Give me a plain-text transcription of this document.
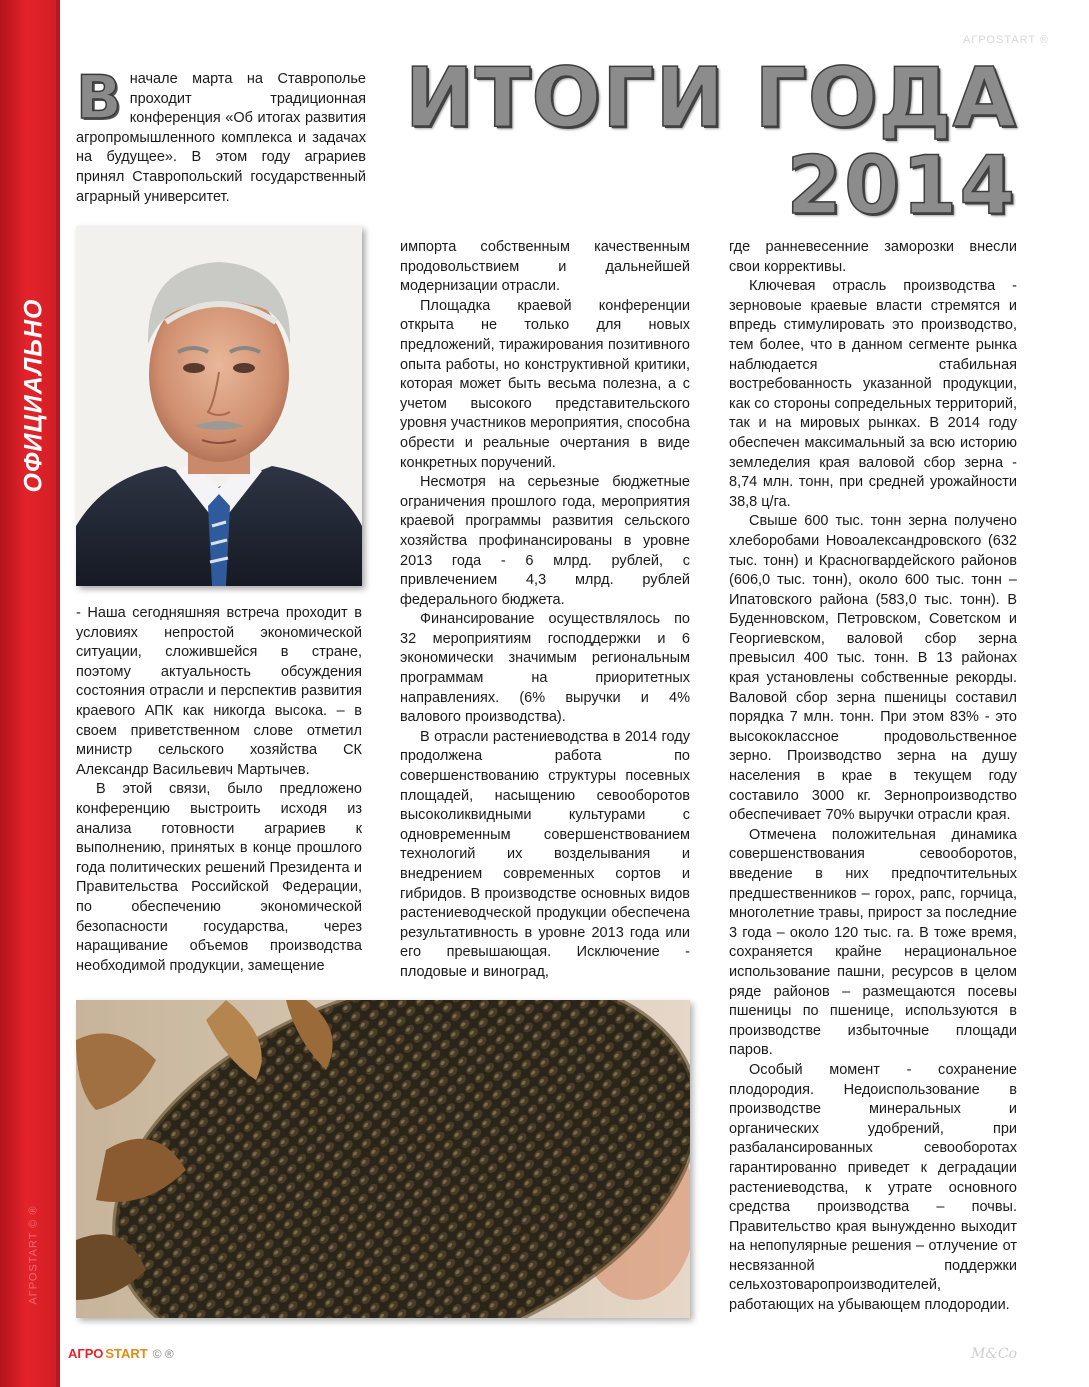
ОФИЦИАЛЬНО
АГРОSTART © ®
АГРОSTART ®
ИТОГИ ГОДА
2014
В начале марта на Ставрополье проходит традиционная конференция «Об итогах развития агропромышленного комплекса и задачах на будущее». В этом году аграриев принял Ставропольский государственный аграрный университет.

- Наша сегодняшняя встреча проходит в условиях непростой экономической ситуации, сложившейся в стране, поэтому актуальность обсуждения состояния отрасли и перспектив развития краевого АПК как никогда высока. – в своем приветственном слове отметил министр сельского хозяйства СК Александр Васильевич Мартычев.

В этой связи, было предложено конференцию выстроить исходя из анализа готовности аграриев к выполнению, принятых в конце прошлого года политических решений Президента и Правительства Российской Федерации, по обеспечению экономической безопасности государства, через наращивание объемов производства необходимой продукции, замещение

импорта собственным качественным продовольствием и дальнейшей модернизации отрасли.

Площадка краевой конференции открыта не только для новых предложений, тиражирования позитивного опыта работы, но конструктивной критики, которая может быть весьма полезна, а с учетом высокого представительского уровня участников мероприятия, способна обрести и реальные очертания в виде конкретных поручений.

Несмотря на серьезные бюджетные ограничения прошлого года, мероприятия краевой программы развития сельского хозяйства профинансированы в уровне 2013 года - 6 млрд. рублей, с привлечением 4,3 млрд. рублей федерального бюджета.

Финансирование осуществлялось по 32 мероприятиям господдержки и 6 экономически значимым региональным программам на приоритетных направлениях. (6% выручки и 4% валового производства).

В отрасли растениеводства в 2014 году продолжена работа по совершенствованию структуры посевных площадей, насыщению севооборотов высоколиквидными культурами с одновременным совершенствованием технологий их возделывания и внедрением современных сортов и гибридов. В производстве основных видов растениеводческой продукции обеспечена результативность в уровне 2013 года или его превышающая. Исключение - плодовые и виноград,

где ранневесенние заморозки внесли свои коррективы.

Ключевая отрасль производства - зерновоые краевые власти стремятся и впредь стимулировать это производство, тем более, что в данном сегменте рынка наблюдается стабильная востребованность указанной продукции, как со стороны сопредельных территорий, так и на мировых рынках. В 2014 году обеспечен максимальный за всю историю земледелия края валовой сбор зерна - 8,74 млн. тонн, при средней урожайности 38,8 ц/га.

Свыше 600 тыс. тонн зерна получено хлеборобами Новоалександровского (632 тыс. тонн) и Красногвардейского районов (606,0 тыс. тонн), около 600 тыс. тонн – Ипатовского района (583,0 тыс. тонн). В Буденновском, Петровском, Советском и Георгиевском, валовой сбор зерна превысил 400 тыс. тонн. В 13 районах края установлены собственные рекорды. Валовой сбор зерна пшеницы составил порядка 7 млн. тонн. При этом 83% - это высококлассное продовольственное зерно. Производство зерна на душу населения в крае в текущем году составило 3000 кг. Зернопроизводство обеспечивает 70% выручки отрасли края.

Отмечена положительная динамика совершенствования севооборотов, введение в них предпочтительных предшественников – горох, рапс, горчица, многолетние травы, прирост за последние 3 года – около 120 тыс. га. В тоже время, сохраняется крайне нерациональное использование пашни, ресурсов в целом ряде районов – размещаются посевы пшеницы по пшенице, используются в производстве избыточные площади паров.

Особый момент - сохранение плодородия. Недоиспользование в производстве минеральных и органических удобрений, при разбалансированных севооборотах гарантированно приведет к деградации растениеводства, к утрате основного средства производства – почвы. Правительство края вынужденно выходит на непопулярные решения – отлучение от несвязанной поддержки сельхозтоваропроизводителей, работающих на убывающем плодородии.

АГРО START © ®	M&Co
